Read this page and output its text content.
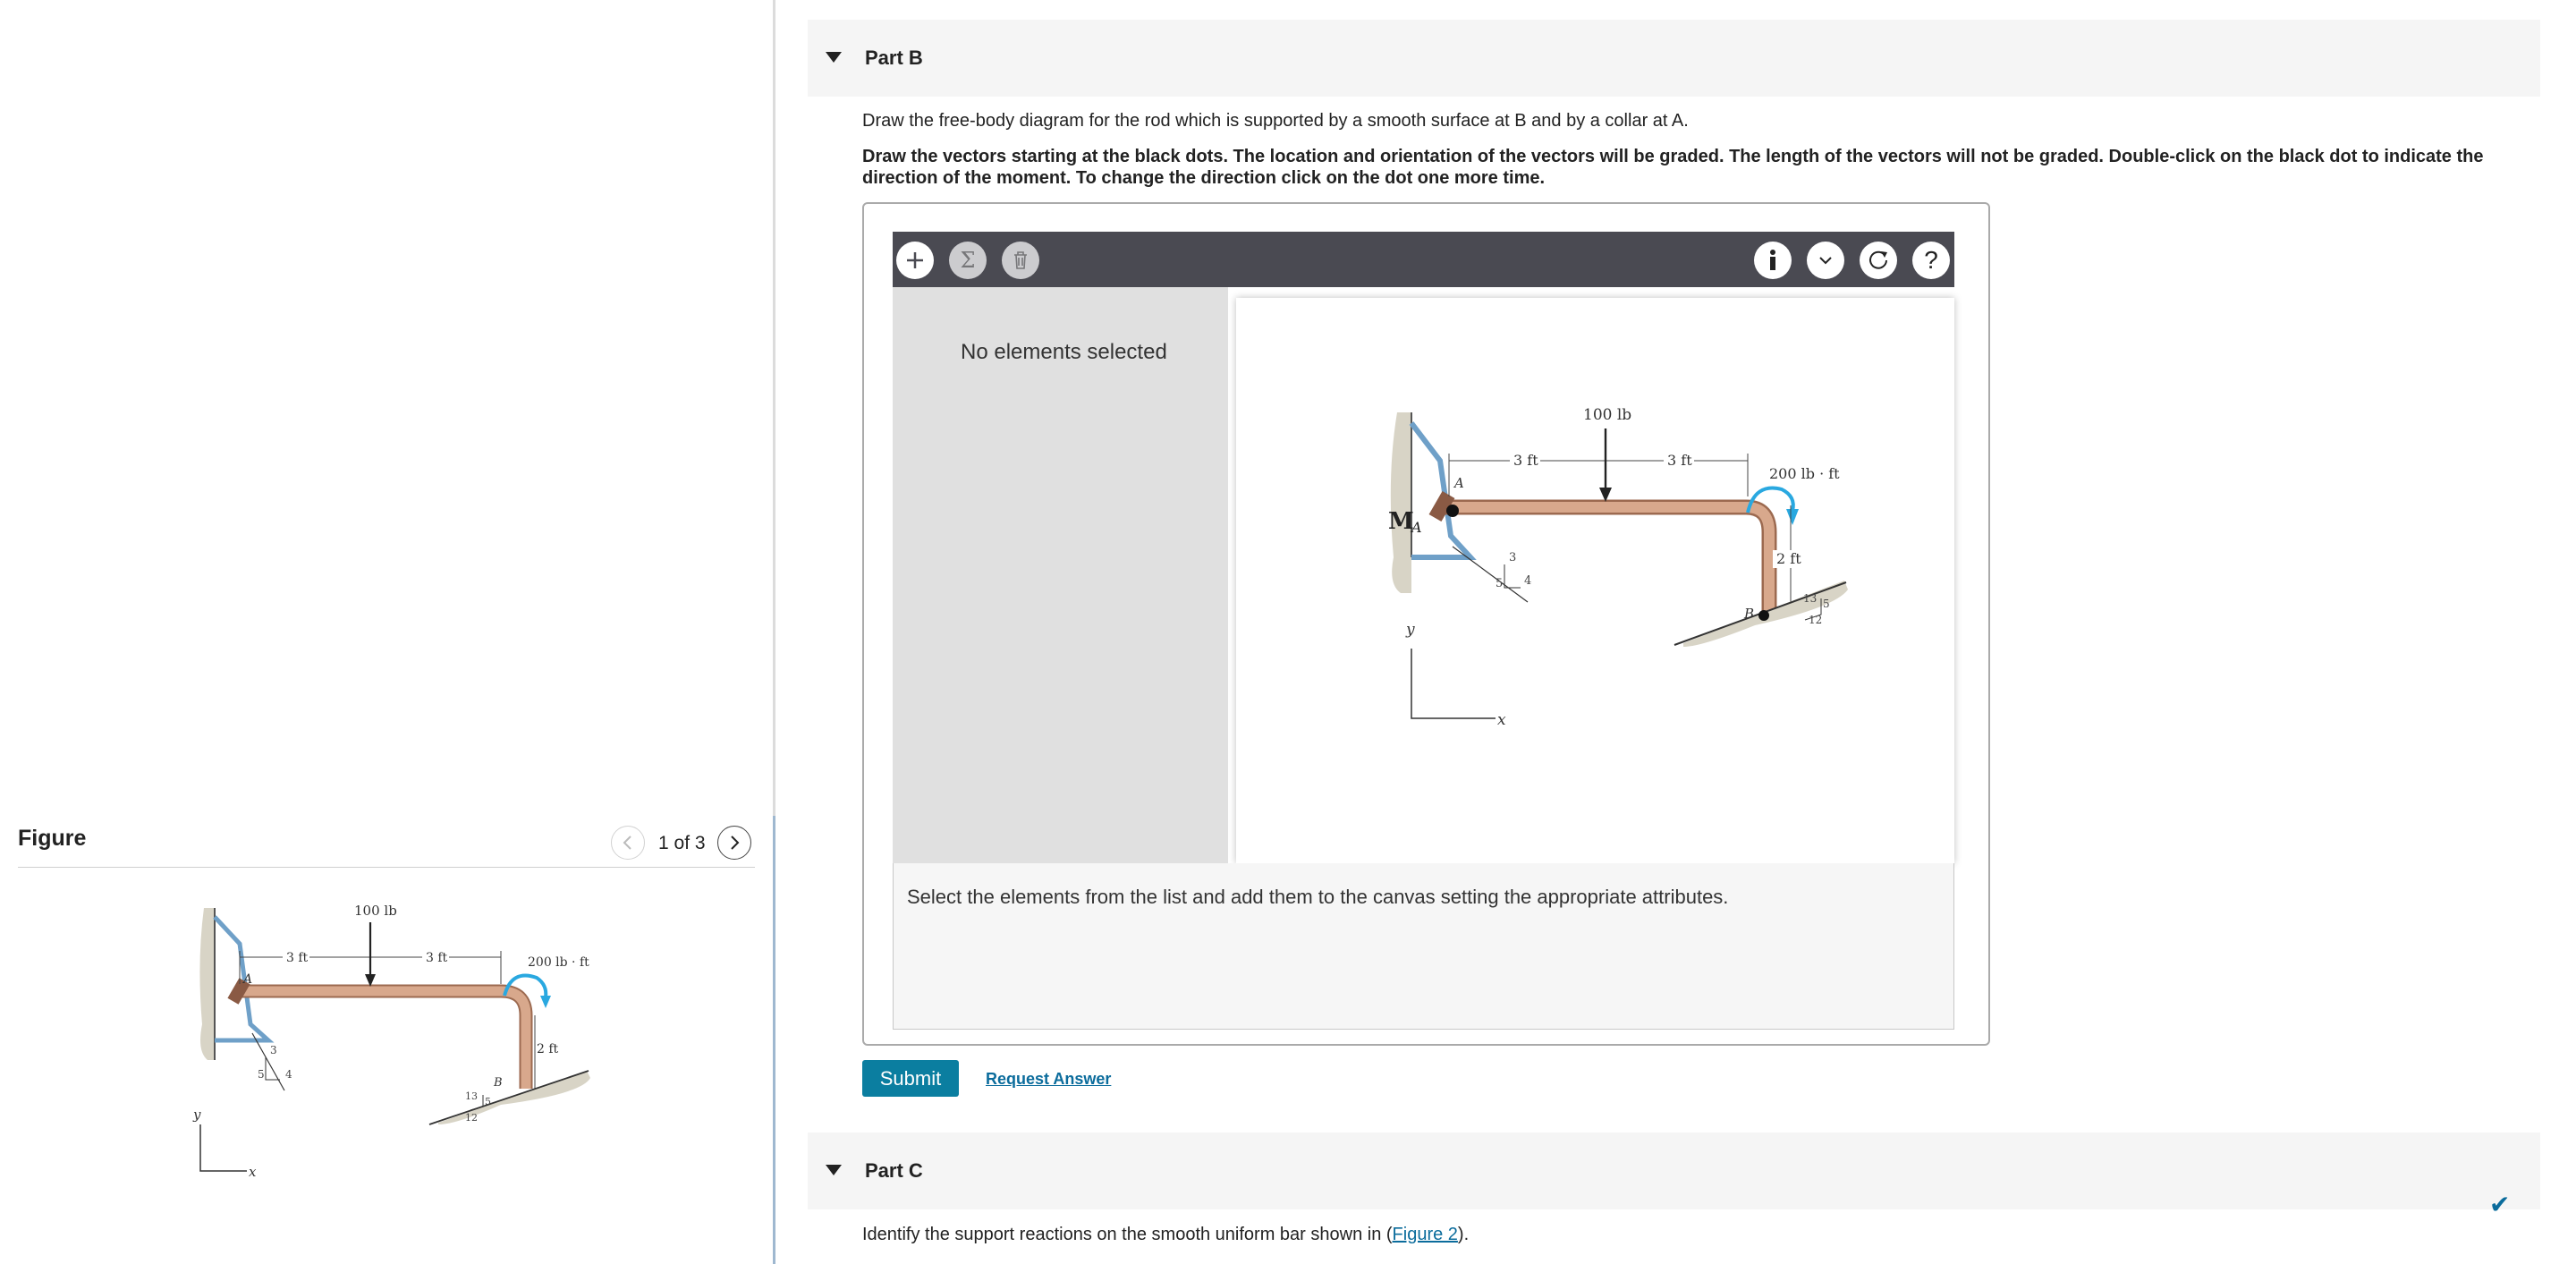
Figure	1 of 3
3
5 4
A
3 ft	3 ft
100 lb
200 lb · ft
2 ft
B
13 5
12
y
x
Part B
Draw the free-body diagram for the rod which is supported by a smooth surface at B and by a collar at A.
Draw the vectors starting at the black dots. The location and orientation of the vectors will be graded. The length of the vectors will not be graded. Double-click on the black dot to indicate the direction of the moment. To change the direction click on the dot one more time.
Σ	?
No elements selected
3
5 4
A
M
A
3 ft	3 ft
100 lb
200 lb · ft
2 ft
B
13 5
12
y
x
Select the elements from the list and add them to the canvas setting the appropriate attributes.
Submit	Request Answer
Part C
✔
Identify the support reactions on the smooth uniform bar shown in (Figure 2).
